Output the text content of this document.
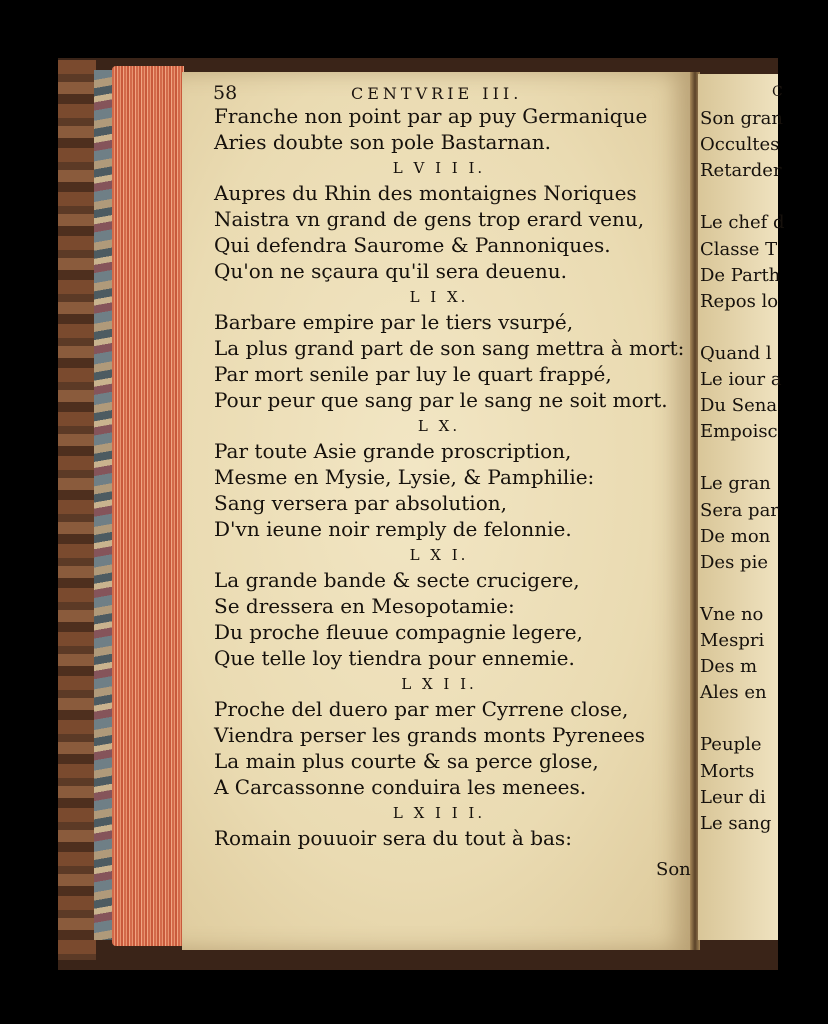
58	CENTVRIE III.
Franche non point par ap puy Germanique
Aries doubte son pole Bastarnan.
L V I I I.
Aupres du Rhin des montaignes Noriques
Naistra vn grand de gens trop erard venu,
Qui defendra Saurome & Pannoniques.
Qu'on ne sçaura qu'il sera deuenu.
L I X.
Barbare empire par le tiers vsurpé,
La plus grand part de son sang mettra à mort:
Par mort senile par luy le quart frappé,
Pour peur que sang par le sang ne soit mort.
L X.
Par toute Asie grande proscription,
Mesme en Mysie, Lysie, & Pamphilie:
Sang versera par absolution,
D'vn ieune noir remply de felonnie.
L X I.
La grande bande & secte crucigere,
Se dressera en Mesopotamie:
Du proche fleuue compagnie legere,
Que telle loy tiendra pour ennemie.
L X I I.
Proche del duero par mer Cyrrene close,
Viendra perser les grands monts Pyrenees
La main plus courte & sa perce glose,
A Carcassonne conduira les menees.
L X I I I.
Romain pouuoir sera du tout à bas:
Son
C
Son gran
Occultes
Retarder
Le chef d
Classe T
De Parth
Repos lo
Quand l
Le iour a
Du Sena
Empoisc
Le gran
Sera par
De mon
Des pie
Vne no
Mespri
Des m
Ales en
Peuple
Morts
Leur di
Le sang
